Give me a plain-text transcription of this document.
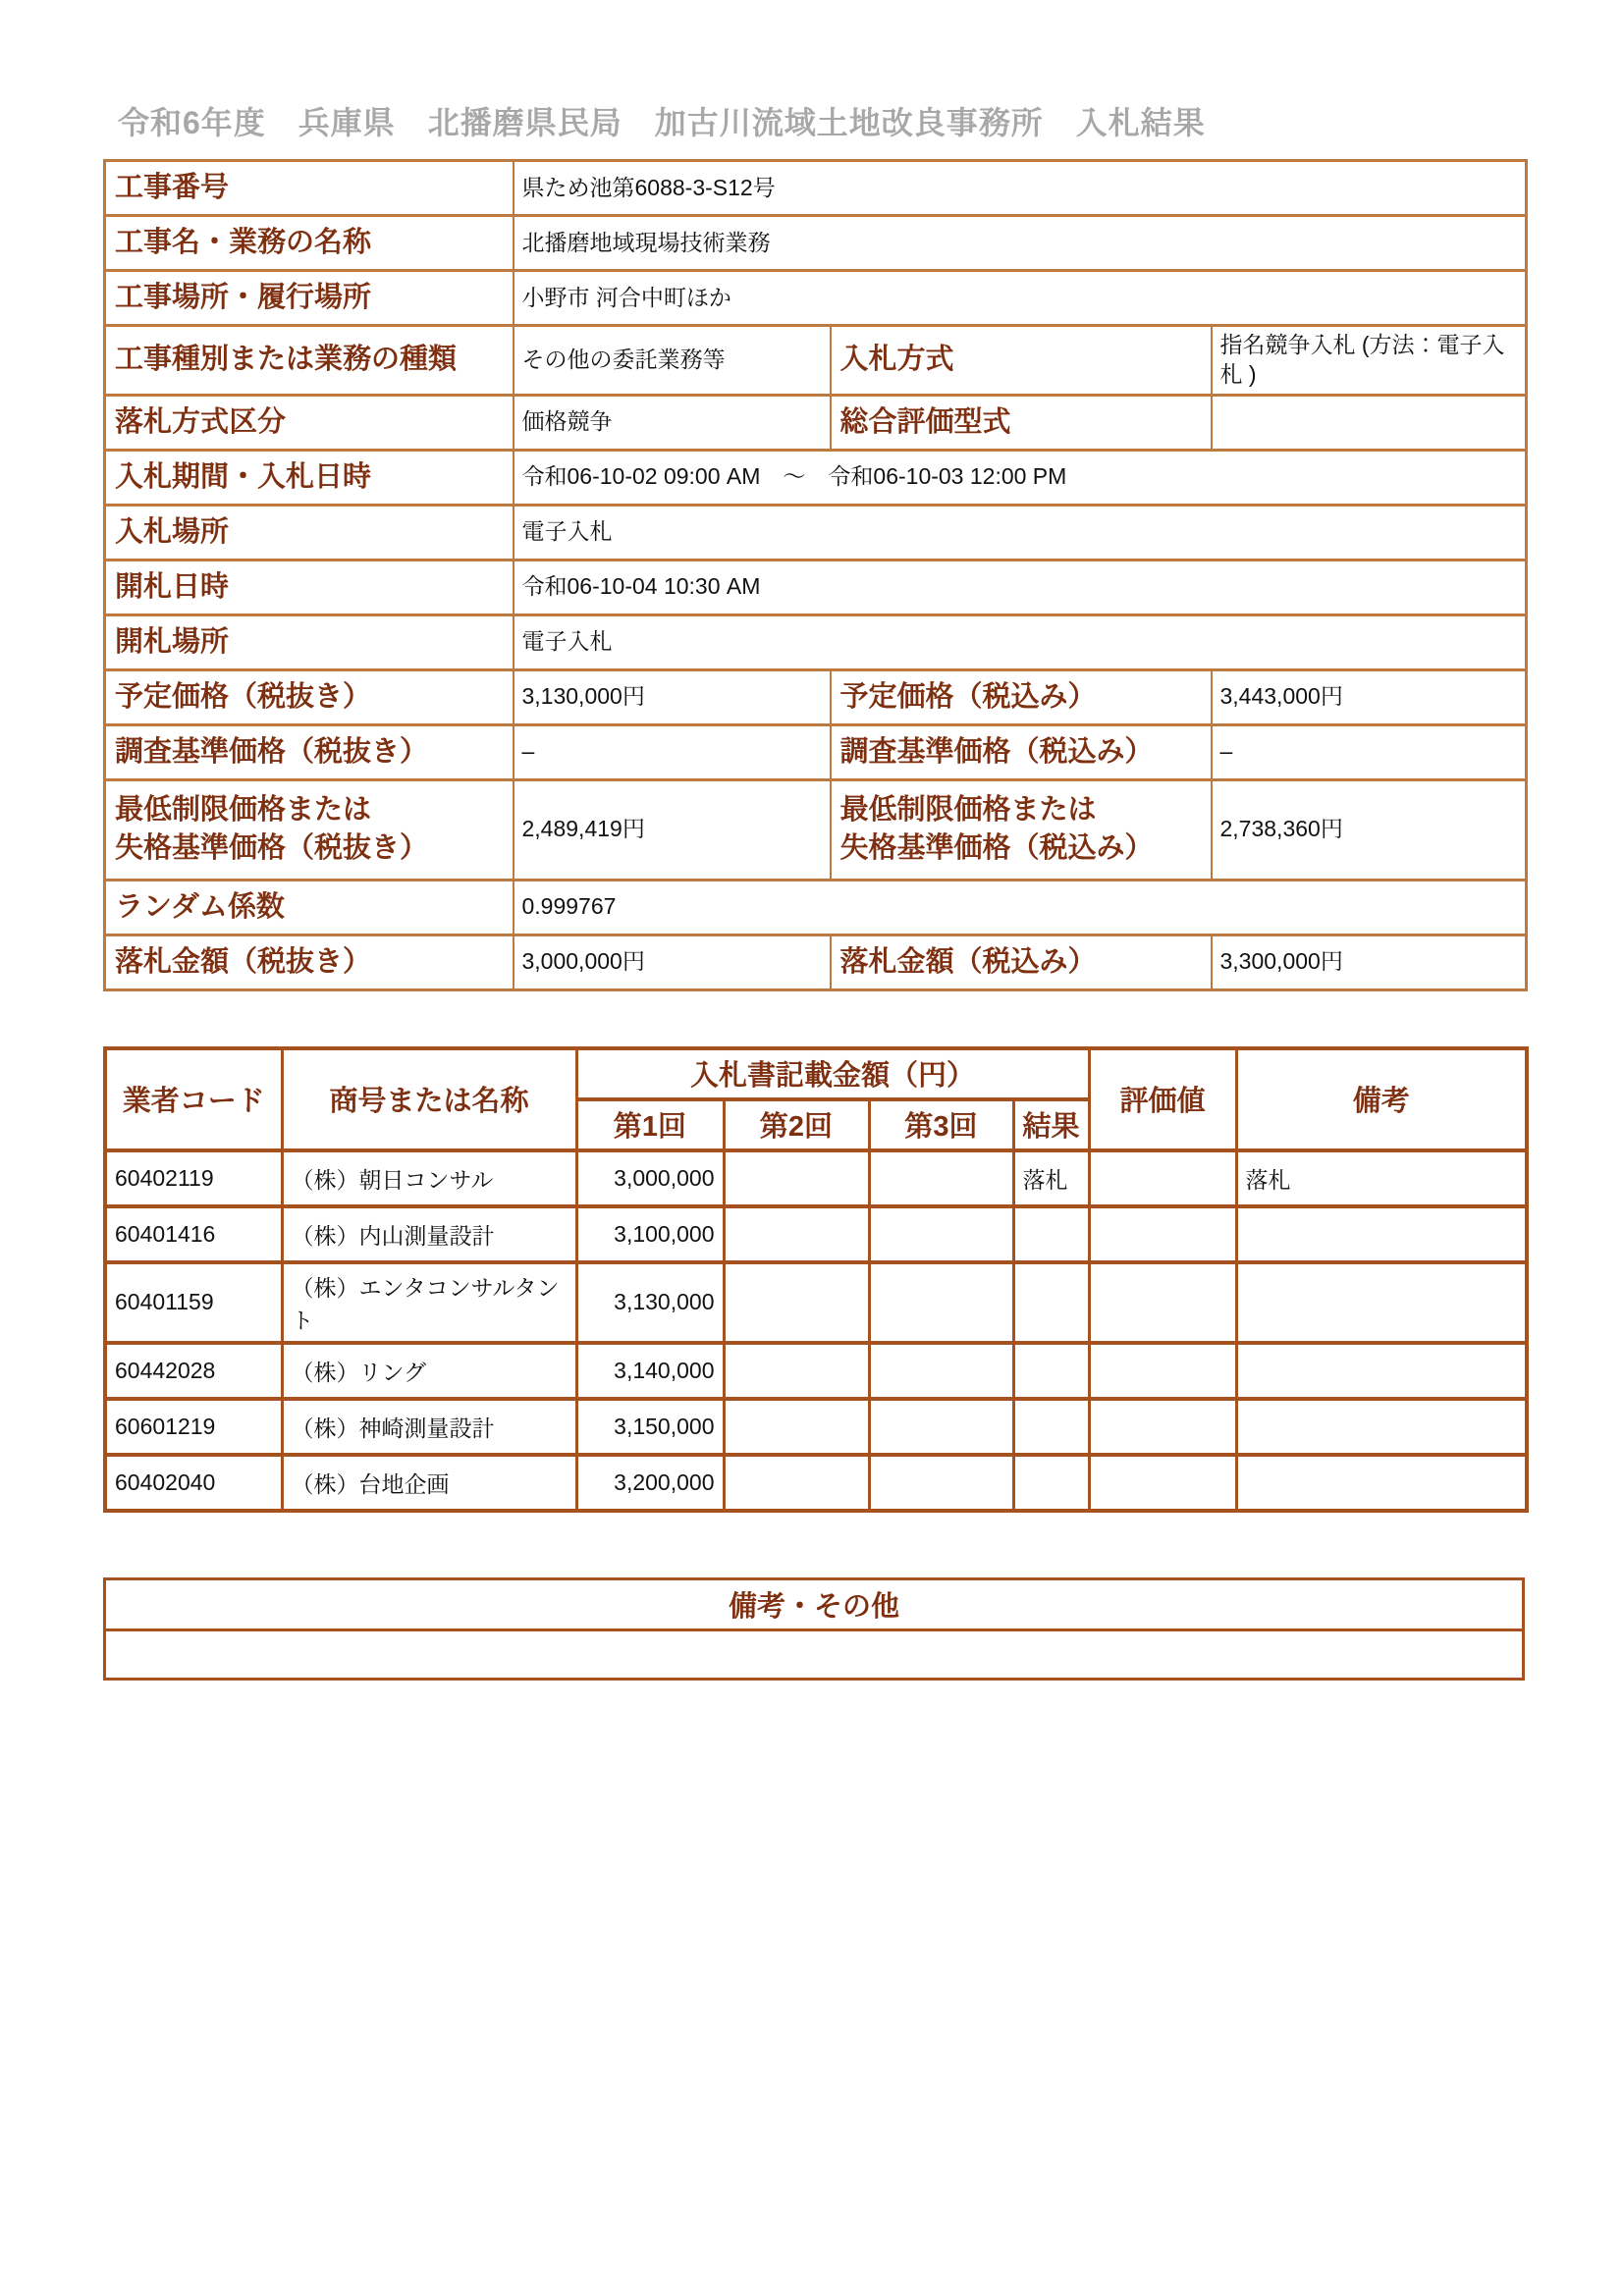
令和6年度　兵庫県　北播磨県民局　加古川流域土地改良事務所　入札結果
工事番号	県ため池第6088-3-S12号		
工事名・業務の名称	北播磨地域現場技術業務		
工事場所・履行場所	小野市 河合中町ほか		
工事種別または業務の種類	その他の委託業務等	入札方式	指名競争入札 (方法：電子入札 )
落札方式区分	価格競争	総合評価型式	
入札期間・入札日時	令和06-10-02 09:00 AM　～　令和06-10-03 12:00 PM		
入札場所	電子入札		
開札日時	令和06-10-04 10:30 AM		
開札場所	電子入札		
予定価格（税抜き）	3,130,000円	予定価格（税込み）	3,443,000円
調査基準価格（税抜き）	–	調査基準価格（税込み）	–

最低制限価格または
失格基準価格（税抜き）	2,489,419円	最低制限価格または
失格基準価格（税込み）	2,738,360円
ランダム係数	0.999767		
落札金額（税抜き）	3,000,000円	落札金額（税込み）	3,300,000円
業者コード	商号または名称	入札書記載金額（円）				評価値	備考
		第1回	第2回	第3回	結果		
60402119	（株）朝日コンサル	3,000,000			落札		落札
60401416	（株）内山測量設計	3,100,000					
60401159	（株）エンタコンサルタント	3,130,000					
60442028	（株）リング	3,140,000					
60601219	（株）神崎測量設計	3,150,000					
60402040	（株）台地企画	3,200,000					
備考・その他
